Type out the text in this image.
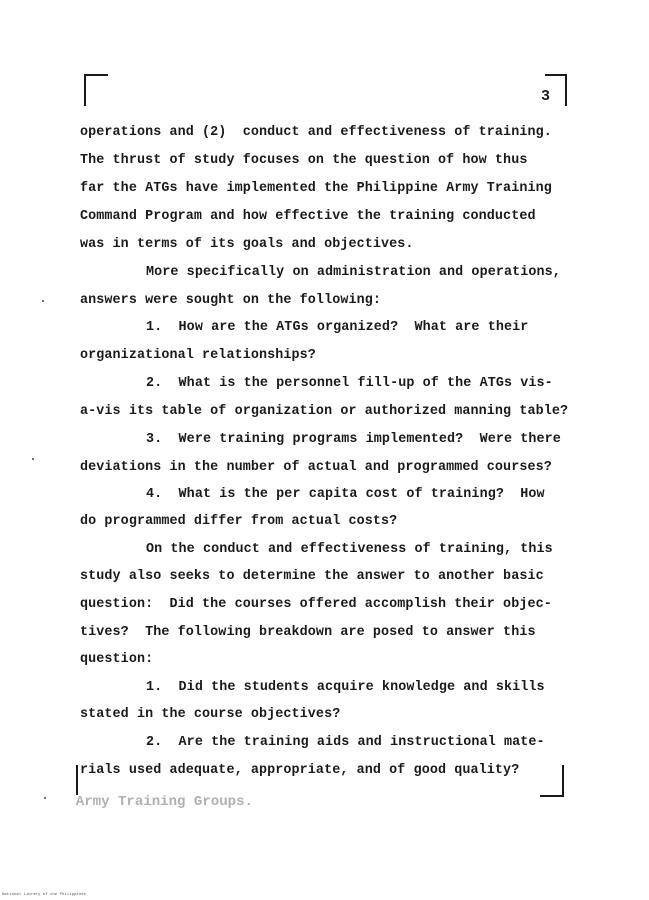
3
operations and (2)  conduct and effectiveness of training.
The thrust of study focuses on the question of how thus
far the ATGs have implemented the Philippine Army Training
Command Program and how effective the training conducted
was in terms of its goals and objectives.
More specifically on administration and operations,
answers were sought on the following:
1.  How are the ATGs organized?  What are their
organizational relationships?
2.  What is the personnel fill-up of the ATGs vis-
a-vis its table of organization or authorized manning table?
3.  Were training programs implemented?  Were there
deviations in the number of actual and programmed courses?
4.  What is the per capita cost of training?  How
do programmed differ from actual costs?
On the conduct and effectiveness of training, this
study also seeks to determine the answer to another basic
question:  Did the courses offered accomplish their objec-
tives?  The following breakdown are posed to answer this
question:
1.  Did the students acquire knowledge and skills
stated in the course objectives?
2.  Are the training aids and instructional mate-
rials used adequate, appropriate, and of good quality?
Army Training Groups.
National Library of the Philippines
